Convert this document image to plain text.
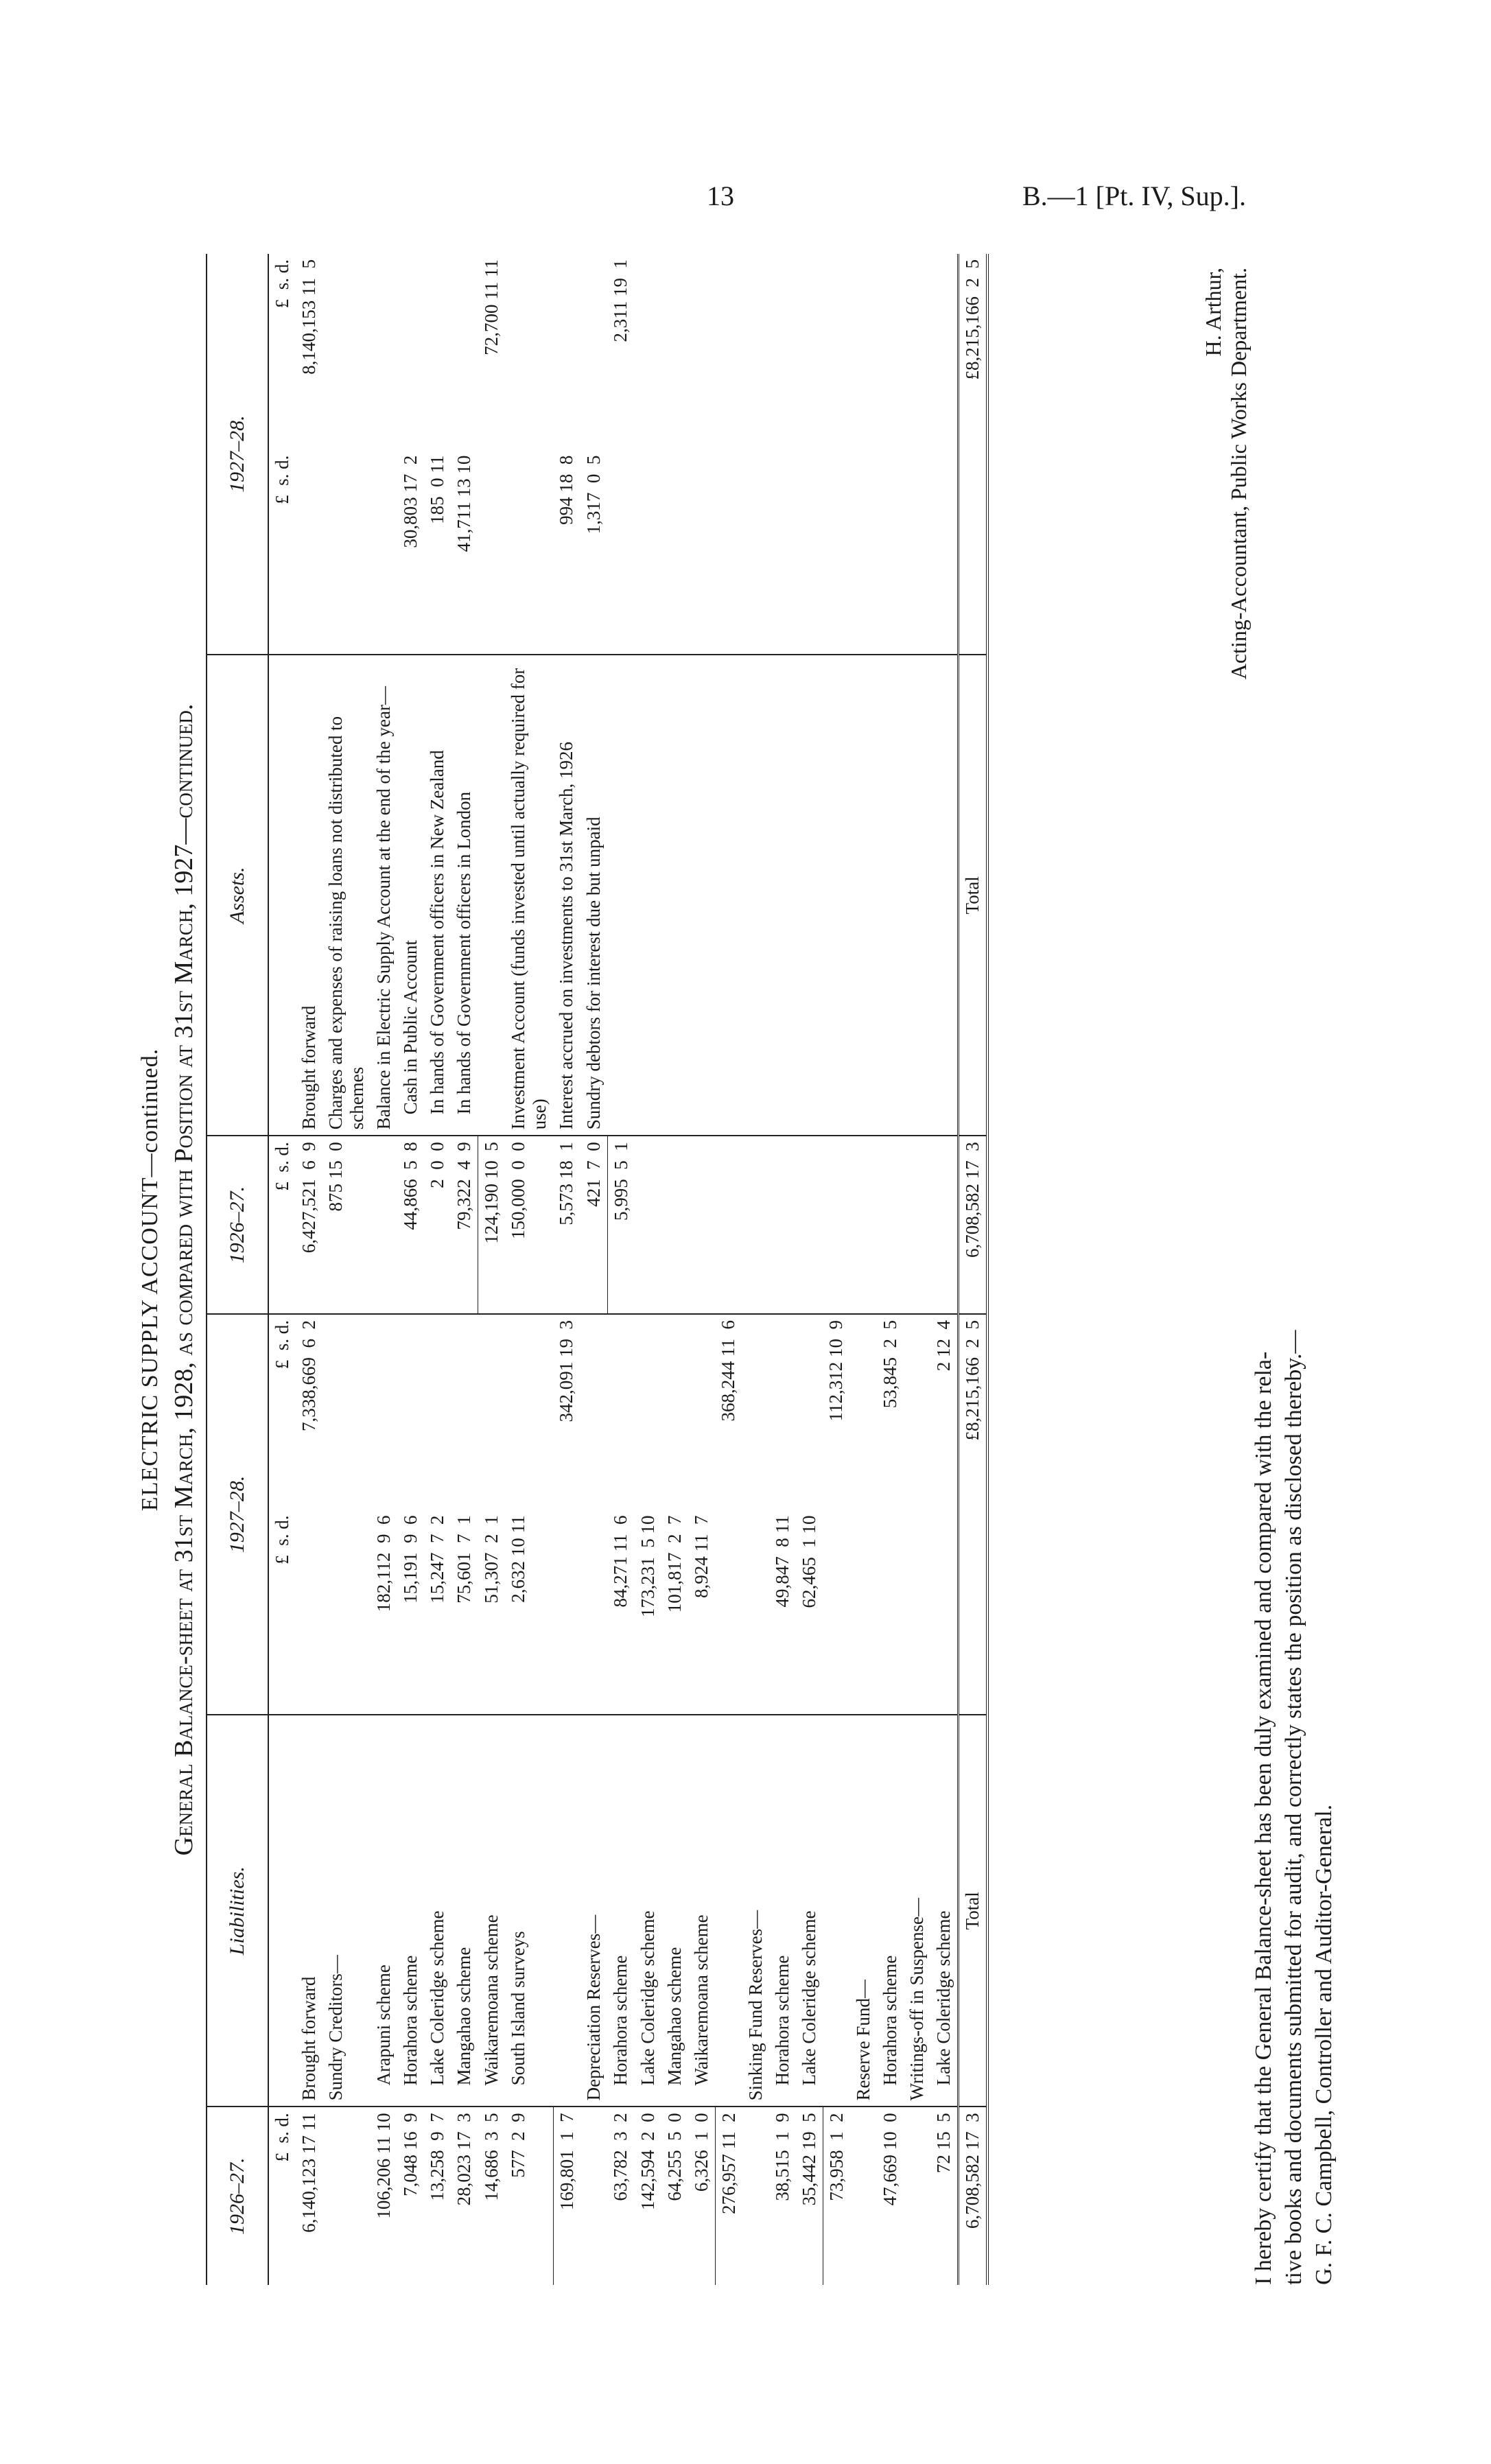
13	B.—1 [Pt. IV, Sup.].
ELECTRIC SUPPLY ACCOUNT—continued. General Balance-sheet at 31st March, 1928, as compared with Position at 31st March, 1927—continued.
1926–27.	Liabilities.	1927–28.		1926–27.	Assets.	1927–28.	
£  s. d.		£  s. d.	£  s. d.	£  s. d.		£  s. d.	£  s. d.
6,140,123 17 11	Brought forward		7,338,669  6  2	6,427,521  6  9	Brought forward		8,140,153 11  5
	Sundry Creditors—			875 15  0	Charges and expenses of raising loans not distributed to schemes		
106,206 11 10	Arapuni scheme	182,112  9  6			Balance in Electric Supply Account at the end of the year—		
7,048 16  9	Horahora scheme	15,191  9  6		44,866  5  8	Cash in Public Account	30,803 17  2	
13,258  9  7	Lake Coleridge scheme	15,247  7  2		2  0  0	In hands of Government officers in New Zealand	185  0 11	
28,023 17  3	Mangahao scheme	75,601  7  1		79,322  4  9	In hands of Government officers in London	41,711 13 10	
14,686  3  5	Waikaremoana scheme	51,307  2  1		124,190 10  5			72,700 11 11
577  2  9	South Island surveys	2,632 10 11		150,000  0  0	Investment Account (funds invested until actually required for use)		
169,801  1  7			342,091 19  3	5,573 18  1	Interest accrued on investments to 31st March, 1926	994 18  8	
	Depreciation Reserves—			421  7  0	Sundry debtors for interest due but unpaid	1,317  0  5	
63,782  3  2	Horahora scheme	84,271 11  6		5,995  5  1			2,311 19  1
142,594  2  0	Lake Coleridge scheme	173,231  5 10					
64,255  5  0	Mangahao scheme	101,817  2  7					
6,326  1  0	Waikaremoana scheme	8,924 11  7					
276,957 11  2			368,244 11  6				
	Sinking Fund Reserves—						
38,515  1  9	Horahora scheme	49,847  8 11					
35,442 19  5	Lake Coleridge scheme	62,465  1 10					
73,958  1  2			112,312 10  9				
	Reserve Fund—						
47,669 10  0	Horahora scheme		53,845  2  5				
	Writings-off in Suspense—						
72 15  5	Lake Coleridge scheme		2 12  4				
6,708,582 17  3	Total		£8,215,166  2  5	6,708,582 17  3	Total		£8,215,166  2  5	H. Arthur, Acting-Accountant, Public Works Department.
I hereby certify that the General Balance-sheet has been duly examined and compared with the rela- tive books and documents submitted for audit, and correctly states the position as disclosed thereby.— G. F. C. Campbell, Controller and Auditor-General.
